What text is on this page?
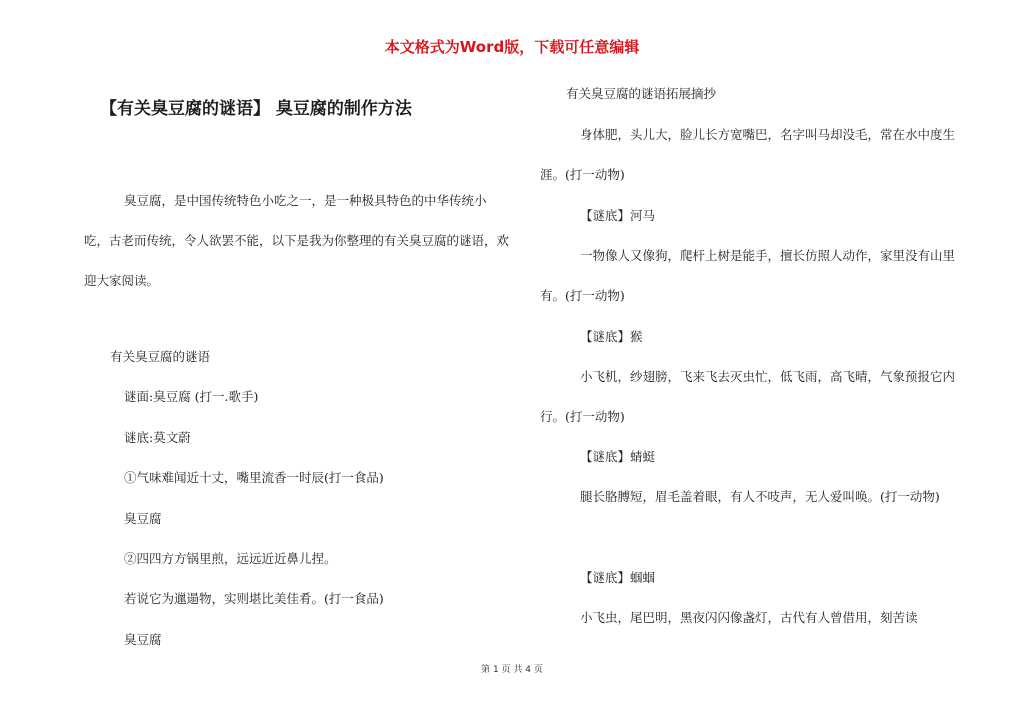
本文格式为Word版，下载可任意编辑
【有关臭豆腐的谜语】 臭豆腐的制作方法
臭豆腐，是中国传统特色小吃之一，是一种极具特色的中华传统小吃，古老而传统，令人欲罢不能，以下是我为你整理的有关臭豆腐的谜语，欢迎大家阅读。
有关臭豆腐的谜语
谜面:臭豆腐 (打一.歌手)
谜底:莫文蔚
①气味难闻近十丈，嘴里流香一时辰(打一食品)
臭豆腐
②四四方方锅里煎，远远近近鼻儿捏。
若说它为邋遢物，实则堪比美佳肴。(打一食品)
臭豆腐
有关臭豆腐的谜语拓展摘抄
身体肥，头儿大，脸儿长方宽嘴巴，名字叫马却没毛，常在水中度生涯。(打一动物)
【谜底】河马
一物像人又像狗，爬杆上树是能手，擅长仿照人动作，家里没有山里有。(打一动物)
【谜底】猴
小飞机，纱翅膀，飞来飞去灭虫忙，低飞雨，高飞晴，气象预报它内行。(打一动物)
【谜底】蜻蜓
腿长胳膊短，眉毛盖着眼，有人不吱声，无人爱叫唤。(打一动物)
【谜底】蝈蝈
小飞虫，尾巴明，黑夜闪闪像盏灯，古代有人曾借用，刻苦读
第 1 页 共 4 页
